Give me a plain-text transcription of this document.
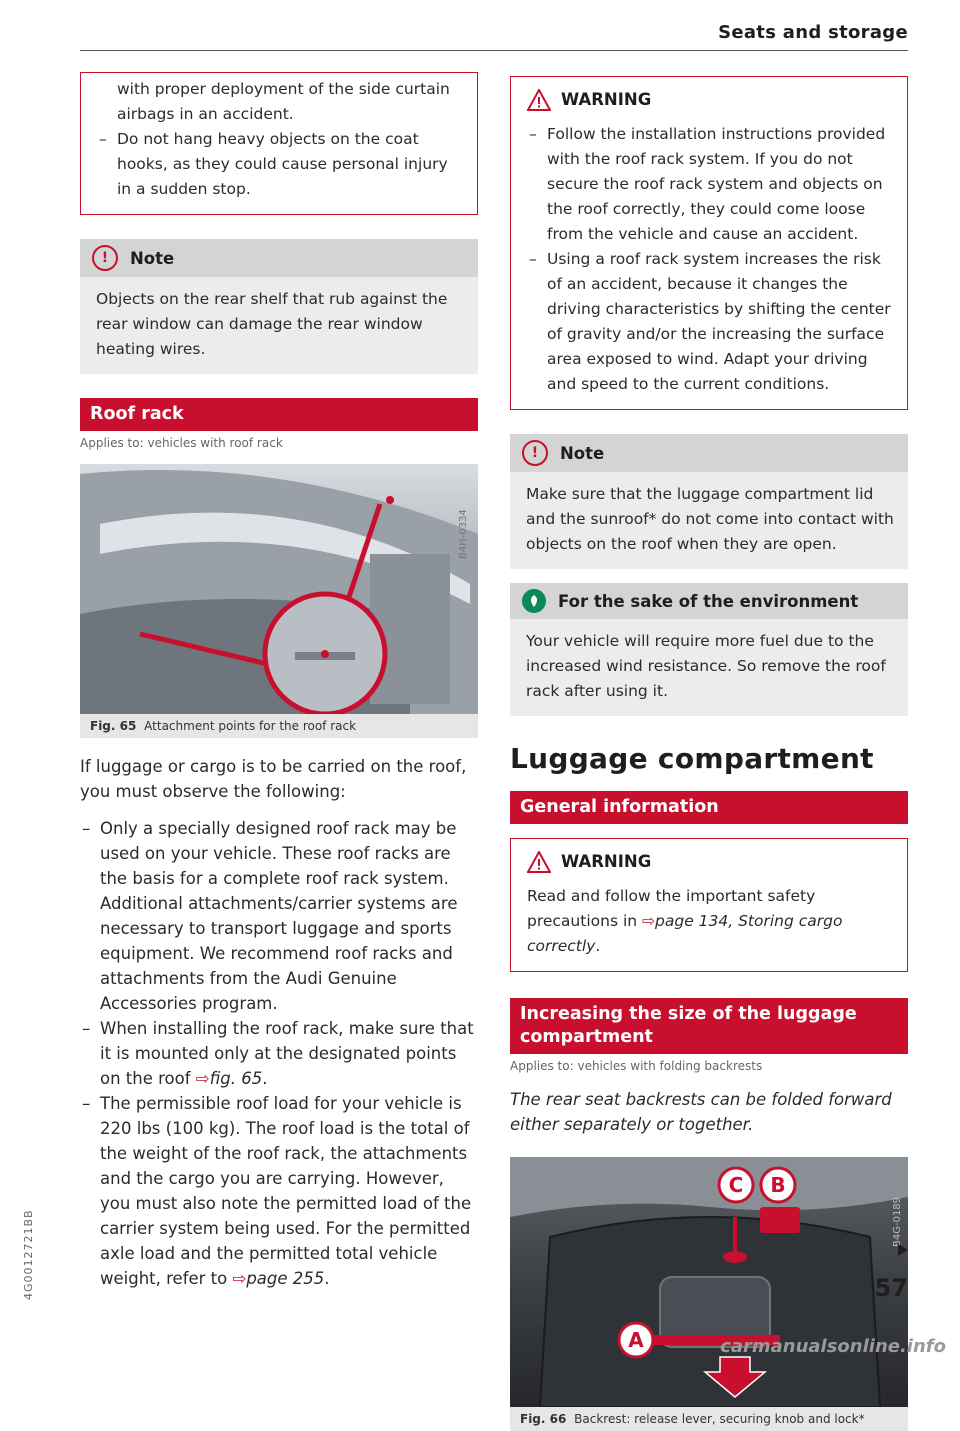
Seats and storage
with proper deployment of the side curtain airbags in an accident.
– Do not hang heavy objects on the coat hooks, as they could cause personal injury in a sudden stop.
!	Note
Objects on the rear shelf that rub against the rear window can damage the rear window heating wires.
Roof rack
Applies to: vehicles with roof rack
B4H-0334
Fig. 65 Attachment points for the roof rack
If luggage or cargo is to be carried on the roof, you must observe the following:
– Only a specially designed roof rack may be used on your vehicle. These roof racks are the basis for a complete roof rack system. Additional attachments/carrier systems are necessary to transport luggage and sports equipment. We recommend roof racks and attachments from the Audi Genuine Accessories program.
– When installing the roof rack, make sure that it is mounted only at the designated points on the roof ⇨fig. 65.
– The permissible roof load for your vehicle is 220 lbs (100 kg). The roof load is the total of the weight of the roof rack, the attachments and the cargo you are carrying. However, you must also note the permitted load of the carrier system being used. For the permitted axle load and the permitted total vehicle weight, refer to ⇨page 255.
WARNING
– Follow the installation instructions provided with the roof rack system. If you do not secure the roof rack system and objects on the roof correctly, they could come loose from the vehicle and cause an accident.
– Using a roof rack system increases the risk of an accident, because it changes the driving characteristics by shifting the center of gravity and/or the increasing the surface area exposed to wind. Adapt your driving and speed to the current conditions.
!	Note
Make sure that the luggage compartment lid and the sunroof* do not come into contact with objects on the roof when they are open.
For the sake of the environment
Your vehicle will require more fuel due to the increased wind resistance. So remove the roof rack after using it.
Luggage compartment
General information
WARNING
Read and follow the important safety precautions in ⇨page 134, Storing cargo correctly.
Increasing the size of the luggage compartment
Applies to: vehicles with folding backrests
The rear seat backrests can be folded forward either separately or together.
C B
A
B4G-0189
Fig. 66 Backrest: release lever, securing knob and lock*
57
4G0012721BB
carmanualsonline.info
